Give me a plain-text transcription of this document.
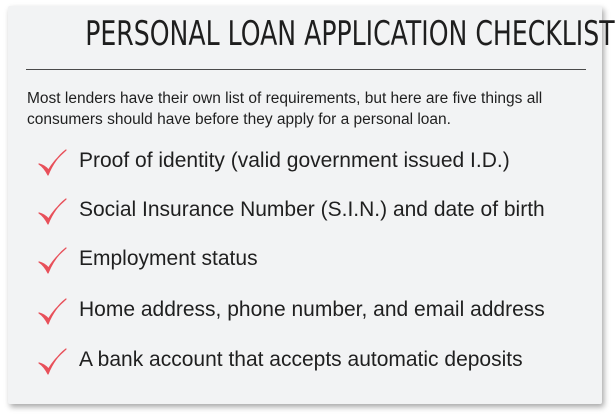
PERSONAL LOAN APPLICATION CHECKLIST

Most lenders have their own list of requirements, but here are five things all consumers should have before they apply for a personal loan.

Proof of identity (valid government issued I.D.)
Social Insurance Number (S.I.N.) and date of birth
Employment status
Home address, phone number, and email address
A bank account that accepts automatic deposits
